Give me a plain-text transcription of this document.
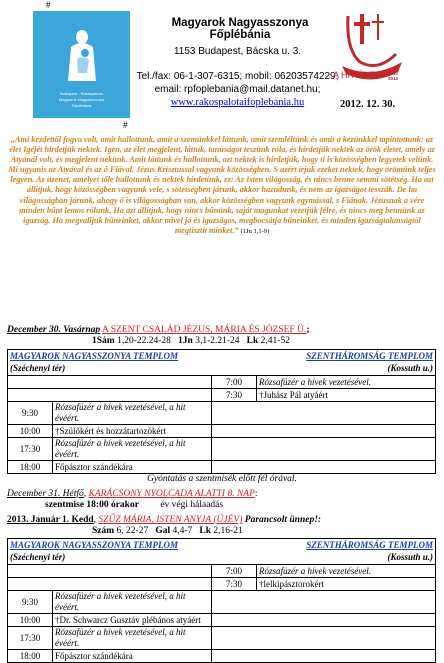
#
Budapest - Rákospalota
Magyarok Nagyasszonya
Főplébánia
#
Magyarok Nagyasszonya Főplébánia
1153 Budapest, Bácska u. 3.
Tel./fax: 06-1-307-6315; mobil: 06203574229;
email: rpfoplebania@mail.datanet.hu;
www.rakospalotaifoplebania.hu	2012. 12. 30.
A HIT ÉVE	2012
2013
„Ami kezdettől fogva volt, amit hallottunk, amit a szemünkkel láttunk, amit szemléltünk és amit a kezünkkel tapintottunk: az élet Igéjét hirdetjük nektek. Igen, az élet megjelent, láttuk, tanúságot teszünk róla, és hirdetjük nektek az örök életet, amely az Atyánál volt, és megjelent nekünk. Amit láttunk és hallottunk, azt nektek is hirdetjük, hogy ti is közösségben legyetek velünk. Mi ugyanis az Atyával és az ő Fiával, Jézus Krisztussal vagyunk közösségben. S azért írjuk ezeket nektek, hogy örömünk teljes legyen. Az üzenet, amelyet tőle hallottunk és nektek hirdetünk, ez: Az Isten világosság, és nincs benne semmi sötétség. Ha azt állítjuk, hogy közösségben vagyunk vele, s sötétségben járunk, akkor hazudunk, és nem az igazságot tesszük. De ha világosságban járunk, ahogy ő is világosságban van, akkor közösségben vagyunk egymással, s Fiának, Jézusnak a vére minden bűnt lemos rólunk. Ha azt állítjuk, hogy nincs bűnünk, saját magunkat vezetjük félre, és nincs meg bennünk az igazság. Ha megvalljuk bűneinket, akkor mivel jó és igazságos, megbocsátja bűneinket, és minden igazságtalanságtól megtisztít minket.” (1Jn 1,1-9)
December 30. Vasárnap A SZENT CSALÁD JÉZUS, MÁRIA ÉS JÓZSEF Ü.;
1Sám 1,20-22.24-28 1Jn 3,1-2.21-24 Lk 2,41-52
MAGYAROK NAGYASSZONYA TEMPLOM SZENTHÁROMSÁG TEMPLOM
(Széchenyi tér) (Kossuth u.)			

		7:00	Rózsafüzér a hívek vezetésével.
		7:30	†Juhász Pál atyáért
9:30	Rózsafüzér a hívek vezetésével, a hit évéért.		
10:00	†Szülőkért és hozzátartozókért		
17:30	Rózsafüzér a hívek vezetésével, a hit évéért.		
18:00	Főpásztor szándékára		
Gyóntatás a szentmisék előtt fél órával.
December 31. Hétfő, KARÁCSONY NYOLCADA ALATTI 8. NAP:
szentmise 18:00 órakor év végi hálaadás
2013. Január 1. Kedd, SZŰZ MÁRIA, ISTEN ANYJA (ÚJÉV) Parancsolt ünnep!:
Szám 6, 22-27 Gal 4,4-7 Lk 2,16-21
MAGYAROK NAGYASSZONYA TEMPLOM SZENTHÁROMSÁG TEMPLOM
(Széchenyi tér) (Kossuth u.)			

		7:00	Rózsafüzér a hívek vezetésével.
		7:30	†lelkipásztorokért
9:30	Rózsafüzér a hívek vezetésével, a hit évéért.		
10:00	†Dr. Schwarcz Gusztáv plébános atyáért		
17:30	Rózsafüzér a hívek vezetésével, a hit évéért.		
18:00	Főpásztor szándékára		
